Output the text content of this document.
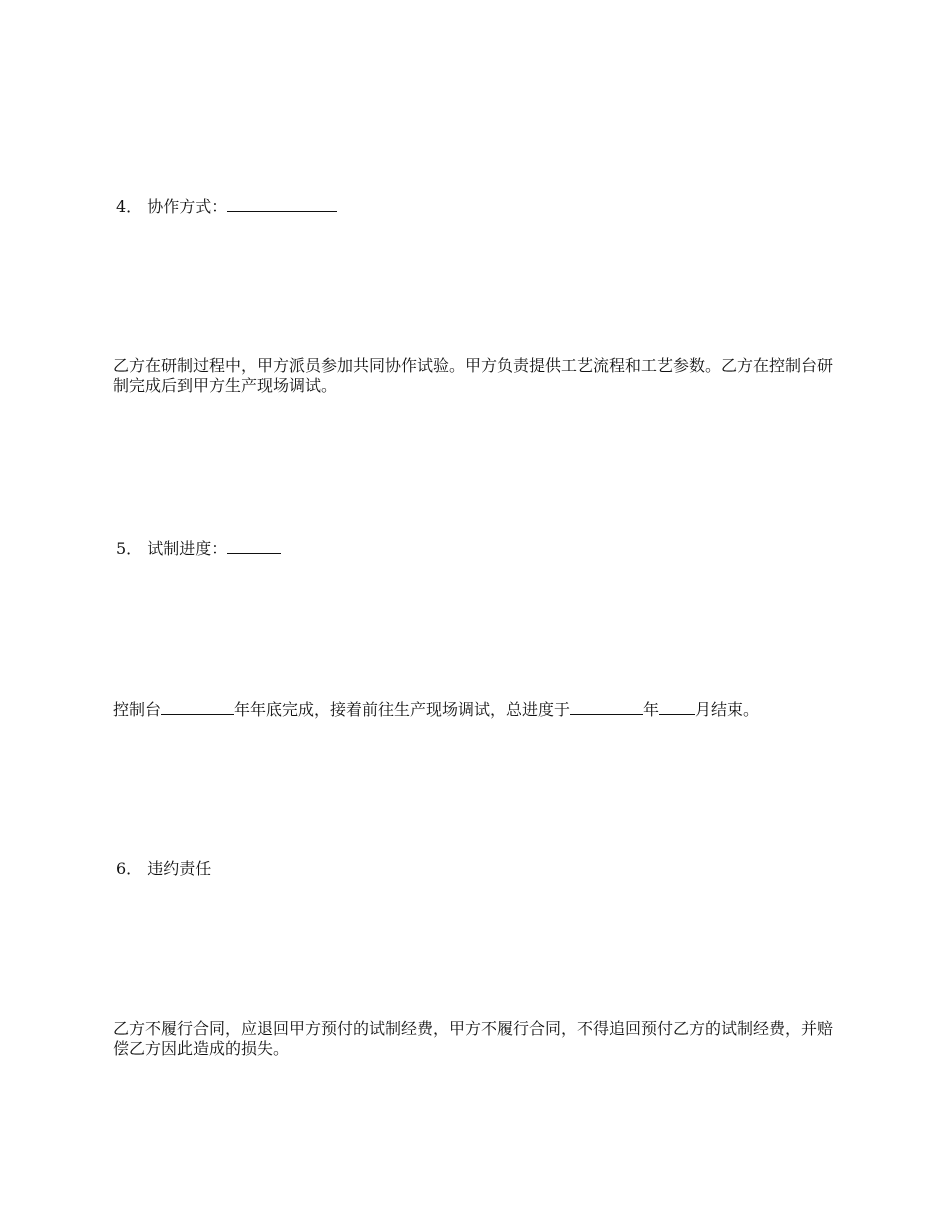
4． 协作方式：

乙方在研制过程中，甲方派员参加共同协作试验。甲方负责提供工艺流程和工艺参数。乙方在控制台研制完成后到甲方生产现场调试。

5． 试制进度：

控制台	年年底完成，接着前往生产现场调试，总进度于	年 月结束。

6． 违约责任

乙方不履行合同，应退回甲方预付的试制经费，甲方不履行合同，不得追回预付乙方的试制经费，并赔偿乙方因此造成的损失。
